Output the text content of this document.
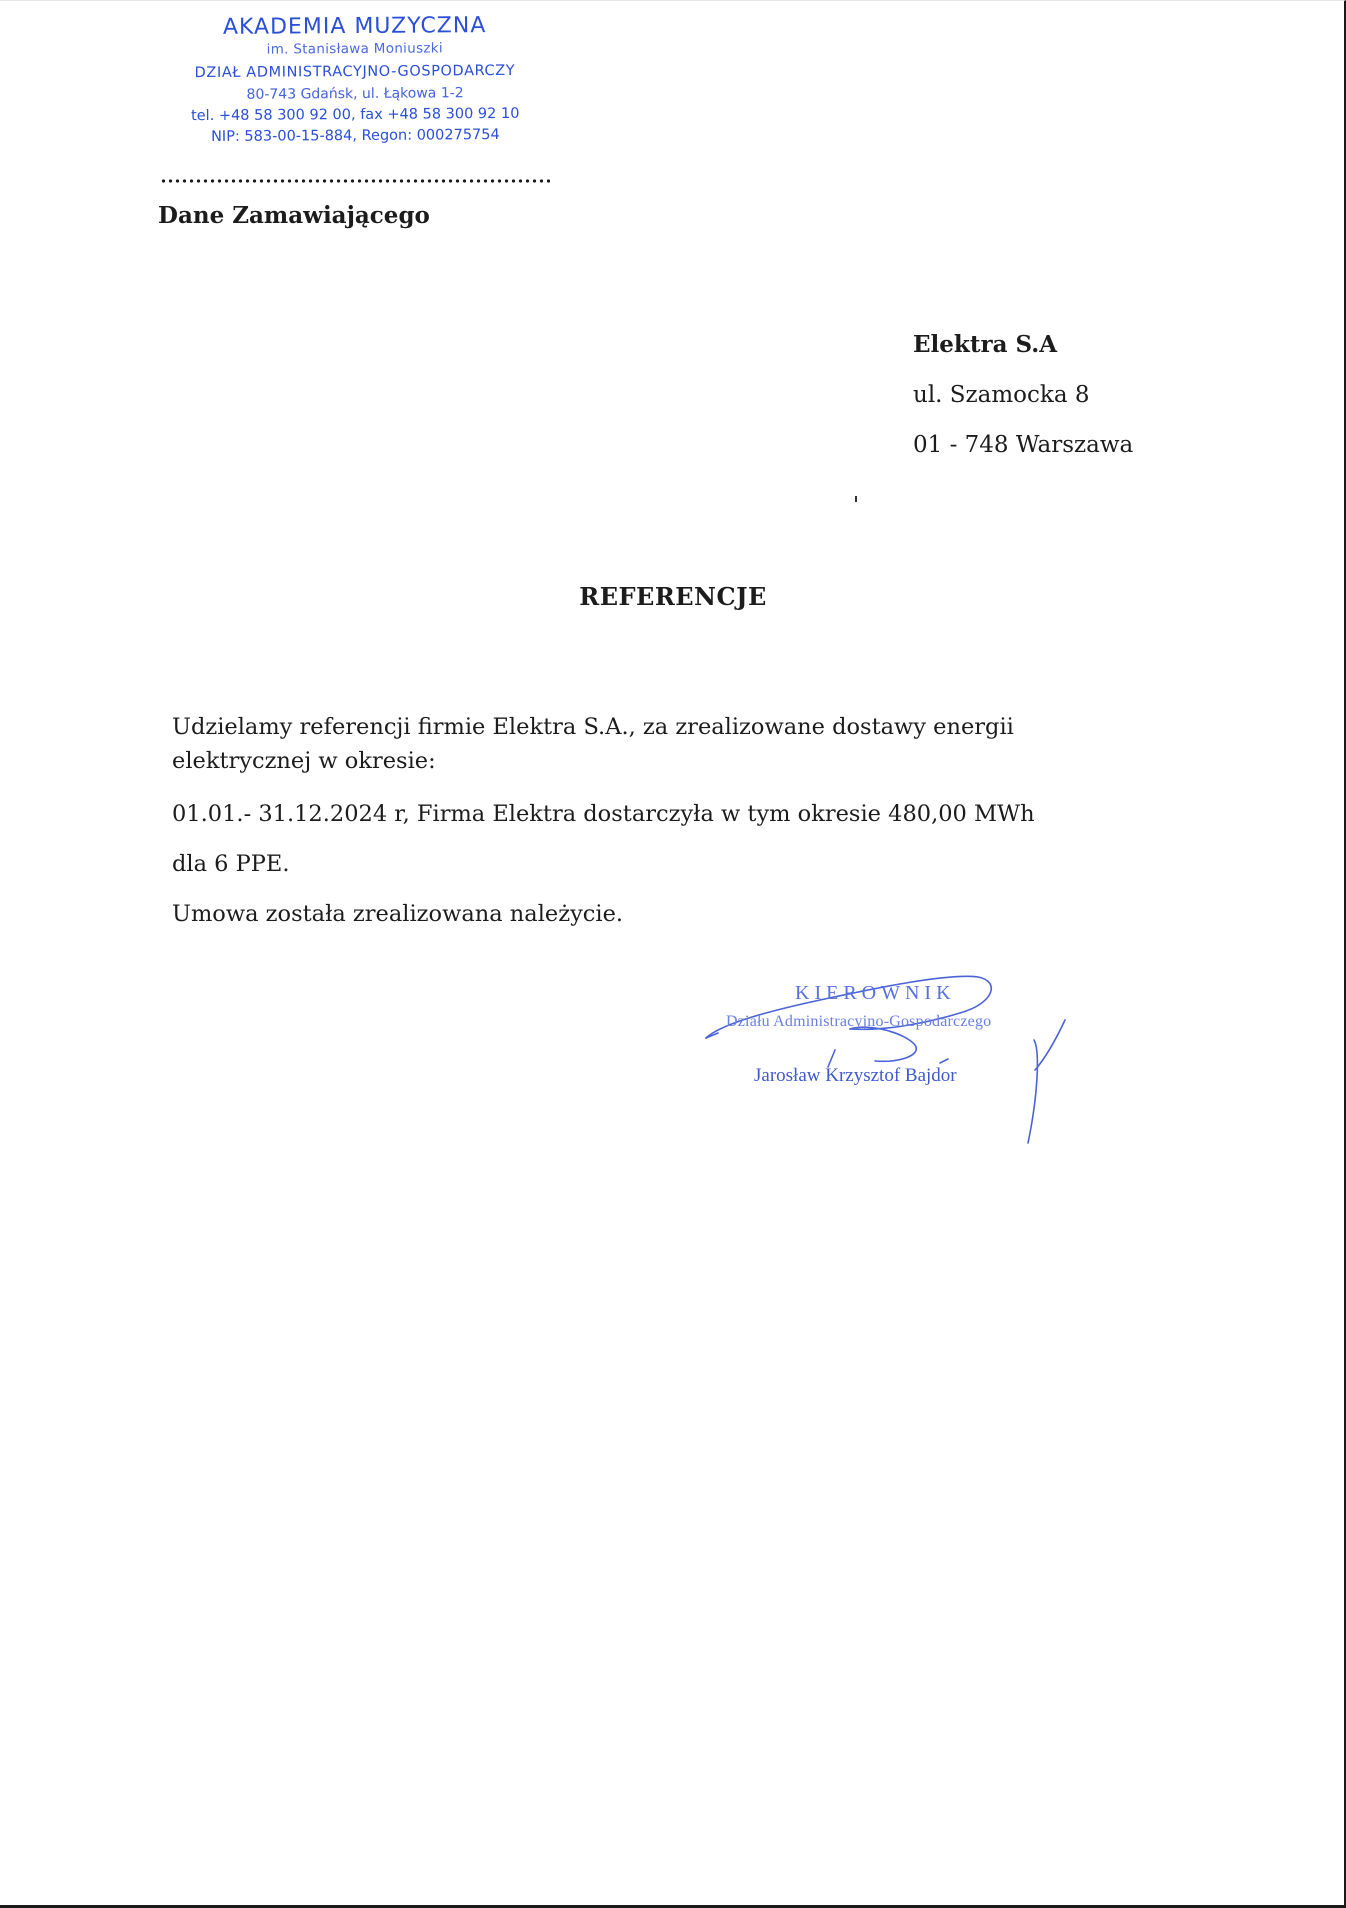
AKADEMIA MUZYCZNA
im. Stanisława Moniuszki
DZIAŁ ADMINISTRACYJNO-GOSPODARCZY
80-743 Gdańsk, ul. Łąkowa 1-2
tel. +48 58 300 92 00, fax +48 58 300 92 10
NIP: 583-00-15-884, Regon: 000275754
Dane Zamawiającego
Elektra S.A
ul. Szamocka 8
01 - 748 Warszawa
REFERENCJE
Udzielamy referencji firmie Elektra S.A., za zrealizowane dostawy energii elektrycznej w okresie:
01.01.- 31.12.2024 r, Firma Elektra dostarczyła w tym okresie 480,00 MWh
dla 6 PPE.
Umowa została zrealizowana należycie.
KIEROWNIK
Działu Administracyjno-Gospodarczego
Jarosław Krzysztof Bajdor
